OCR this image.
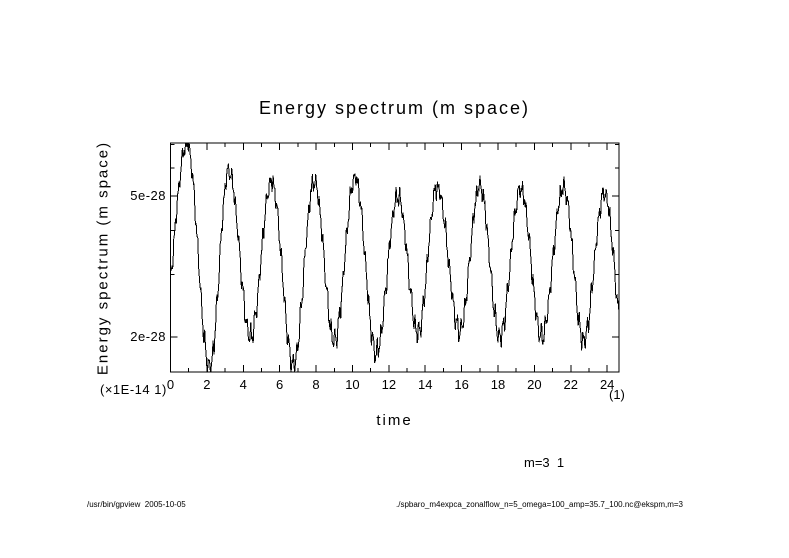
Energy spectrum (m space)
Energy spectrum (m space)
time
(×1E-14 1)	(1)
m=3  1
/usr/bin/gpview  2005-10-05	./spbaro_m4expca_zonalflow_n=5_omega=100_amp=35.7_100.nc@ekspm,m=3
0 2 4 6 8 10 12 14 16 18 20 22 24
5e-28
2e-28
